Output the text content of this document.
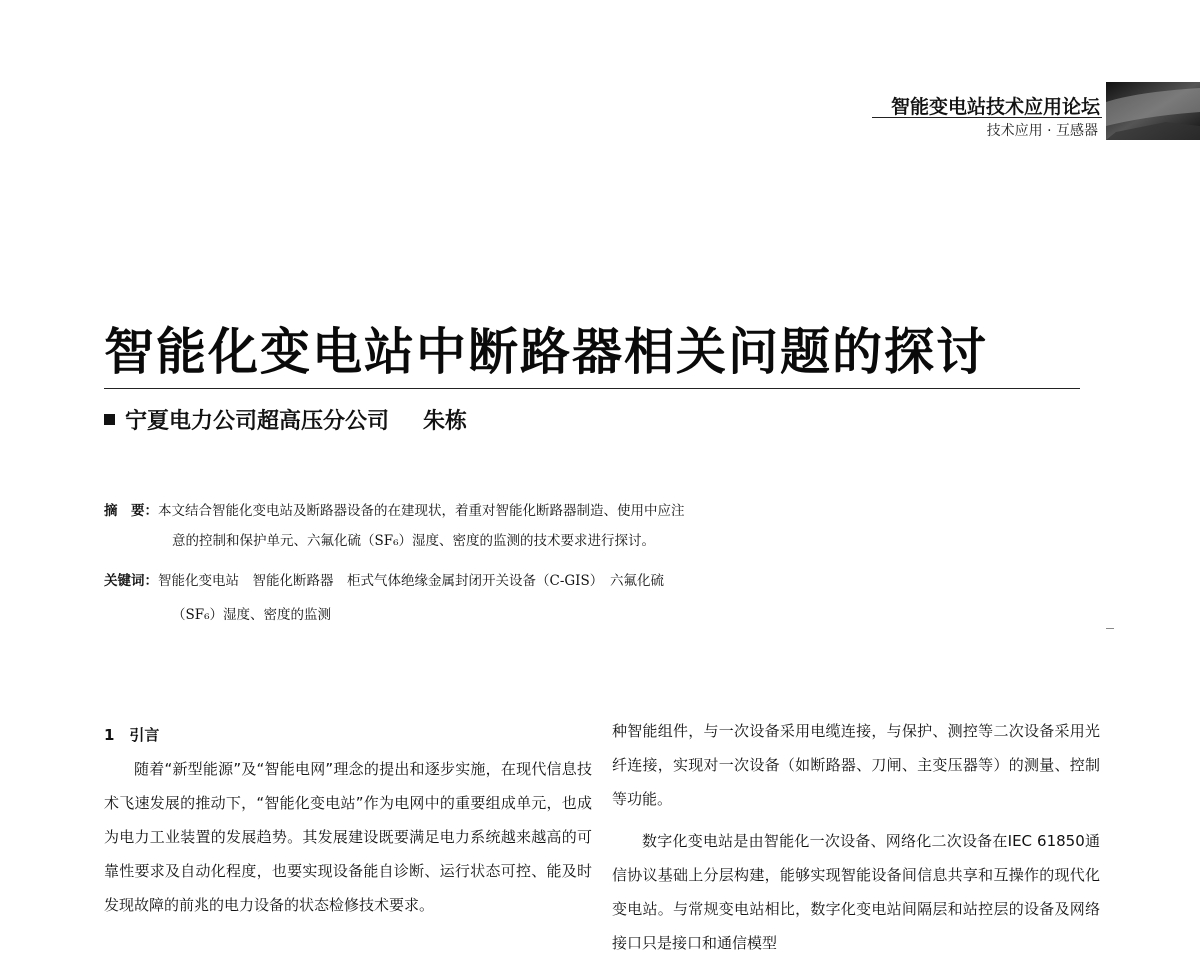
智能变电站技术应用论坛
技术应用 · 互感器
智能化变电站中断路器相关问题的探讨
宁夏电力公司超高压分公司 朱栋
摘　要：本文结合智能化变电站及断路器设备的在建现状，着重对智能化断路器制造、使用中应注
意的控制和保护单元、六氟化硫（SF₆）湿度、密度的监测的技术要求进行探讨。
关键词：智能化变电站　智能化断路器　柜式气体绝缘金属封闭开关设备（C-GIS）　六氟化硫
（SF₆）湿度、密度的监测

1　引言

随着“新型能源”及“智能电网”理念的提出和逐步实施，在现代信息技术飞速发展的推动下，“智能化变电站”作为电网中的重要组成单元，也成为电力工业装置的发展趋势。其发展建设既要满足电力系统越来越高的可靠性要求及自动化程度，也要实现设备能自诊断、运行状态可控、能及时发现故障的前兆的电力设备的状态检修技术要求。

种智能组件，与一次设备采用电缆连接，与保护、测控等二次设备采用光纤连接，实现对一次设备（如断路器、刀闸、主变压器等）的测量、控制等功能。

数字化变电站是由智能化一次设备、网络化二次设备在IEC 61850通信协议基础上分层构建，能够实现智能设备间信息共享和互操作的现代化变电站。与常规变电站相比，数字化变电站间隔层和站控层的设备及网络接口只是接口和通信模型
